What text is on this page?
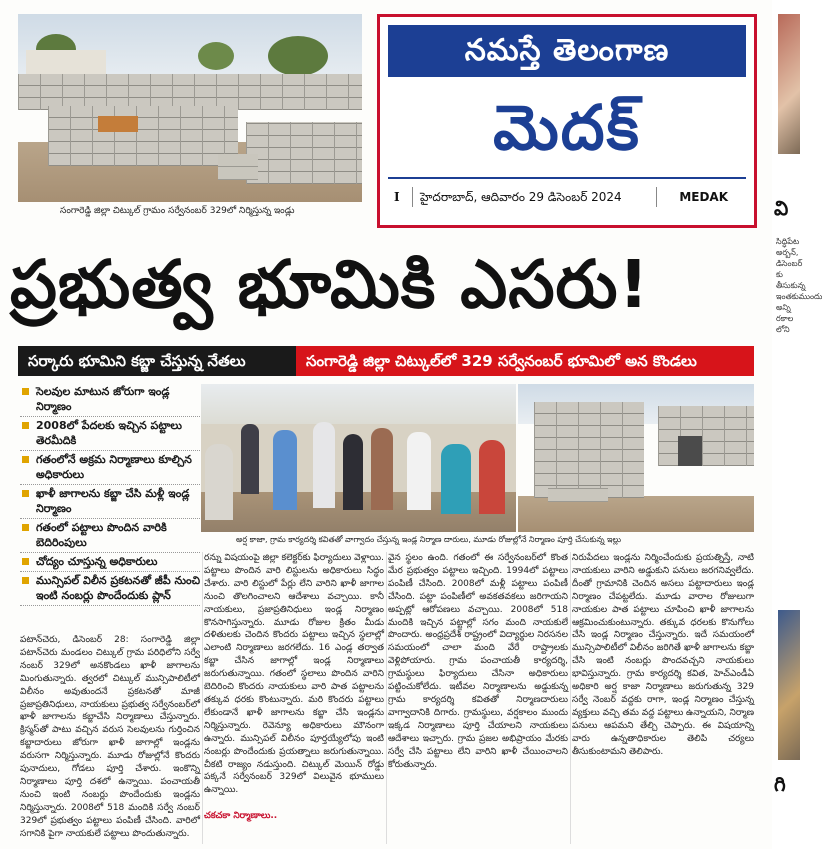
సంగారెడ్డి జిల్లా చిట్కుల్ గ్రామం సర్వేనంబర్ 329లో నిర్మిస్తున్న ఇండ్లు
నమస్తే తెలంగాణ
మెదక్
I హైదరాబాద్, ఆదివారం 29 డిసెంబర్ 2024	MEDAK
ప్రభుత్వ భూమికి ఎసరు!
సర్కారు భూమిని కబ్జా చేస్తున్న నేతలు	సంగారెడ్డి జిల్లా చిట్కుల్‌లో 329 సర్వేనంబర్ భూమిలో అన కొండలు
సెలవుల మాటున జోరుగా ఇండ్ల నిర్మాణం
2008లో పేదలకు ఇచ్చిన పట్టాలు తెరమీదికి
గతంలోనే అక్రమ నిర్మాణాలు కూల్చిన అధికారులు
ఖాళీ జాగాలను కబ్జా చేసి మళ్లీ ఇండ్ల నిర్మాణం
గతంలో పట్టాలు పొందిన వారికి బెదిరింపులు
చోద్యం చూస్తున్న అధికారులు
మున్సిపల్ విలీన ప్రకటనతో జీపీ నుంచి ఇంటి నంబర్లు పొందేందుకు ప్లాన్
అర్ష కాజా, గ్రామ కార్యదర్శి కవితతో వాగ్వాదం చేస్తున్న ఇండ్ల నిర్మాణ దారులు, మూడు రోజుల్లోనే నిర్మాణం పూర్తి చేసుకున్న ఇల్లు
పటాన్‌చెరు, డిసెంబర్ 28: సంగారెడ్డి జిల్లా పటాన్‌చెరు మండలం చిట్కుల్ గ్రామ పరిధిలోని సర్వే నంబర్ 329లో అనకొండలు ఖాళీ జాగాలను మింగుతున్నారు. త్వరలో చిట్కుల్ మున్సిపాలిటీలో విలీనం అవుతుందనే ప్రకటనతో మాజీ ప్రజాప్రతినిధులు, నాయకులు ప్రభుత్వ సర్వేనంబర్‌లో ఖాళీ జాగాలను కబ్జాచేసి నిర్మాణాలు చేస్తున్నారు. క్రిస్మస్‌తో పాటు వచ్చిన వరుస సెలవులను గుర్తించిన కబ్జాదారులు జోరుగా ఖాళీ జాగాల్లో ఇండ్లను వరుసగా నిర్మిస్తున్నారు. మూడు రోజుల్లోనే కొందరు పునాదులు, గోడలు పూర్తి చేశారు. ఇంకొన్ని నిర్మాణాలు పూర్తి దశలో ఉన్నాయి. పంచాయతీ నుంచి ఇంటి నంబర్లు పొందేందుకు ఇండ్లను నిర్మిస్తున్నారు. 2008లో 518 మందికి సర్వే నంబర్ 329లో ప్రభుత్వం పట్టాలు పంపిణీ చేసింది. వారిలో సగానికి పైగా నాయకులే పట్టాలు పొందుతున్నారు.
రన్ను విషయంపై జిల్లా కలెక్టర్‌కు ఫిర్యాదులు వెళ్లాయి. పట్టాలు పొందిన వారి లిస్టులను అధికారులు సిద్ధం చేశారు. వారి లిస్టులో పేర్లు లేని వారిని ఖాళీ జాగాల నుంచి తొలగించాలని ఆదేశాలు వచ్చాయి. కానీ నాయకులు, ప్రజాప్రతినిధులు ఇండ్ల నిర్మాణం కొనసాగిస్తున్నారు. మూడు రోజుల క్రితం మీడు దళితులకు చెందిన కొందరు పట్టాలు ఇచ్చిన స్థలాల్లో ఎలాంటి నిర్మాణాలు జరగలేదు. 16 ఎండ్ల తర్వాత కబ్జా చేసిన జాగాల్లో ఇండ్ల నిర్మాణాలు జరుగుతున్నాయి. గతంలో స్థలాలు పొందిన వారిని బెదిరించి కొందరు నాయకులు వారి పాత పట్టాలను తక్కువ ధరకు కొంటున్నారు. మరి కొందరు పట్టాలు లేకుండానే ఖాళీ జాగాలను కబ్జా చేసి ఇండ్లను నిర్మిస్తున్నారు. రెవెన్యూ అధికారులు మౌనంగా ఉన్నారు. మున్సిపల్ విలీనం పూర్తయ్యేలోపు ఇంటి నంబర్లు పొందేందుకు ప్రయత్నాలు జరుగుతున్నాయి. చీకటి రాజ్యం నడుస్తుంది. చిట్కుల్ మెయిన్ రోడ్డు పక్కనే సర్వేనంబర్ 329లో విలువైన భూములు ఉన్నాయి.
చకచకా నిర్మాణాలు..
వైన స్థలం ఉంది. గతంలో ఈ సర్వేనంబర్‌లో కొంత మేర ప్రభుత్వం పట్టాలు ఇచ్చింది. 1994లో పట్టాలు పంపిణీ చేసింది. 2008లో మళ్లీ పట్టాలు పంపిణీ చేసింది. పట్టా పంపిణీలో అవకతవకలు జరిగాయని అప్పట్లో ఆరోపణలు వచ్చాయి. 2008లో 518 మందికి ఇచ్చిన పట్టాల్లో సగం మంది నాయకులే పొందారు. అంధ్రప్రదేశ్ రాష్ట్రంలో విద్యార్థుల నిరసనల సమయంలో చాలా మంది వేరే రాష్ట్రాలకు వెళ్లిపోయారు. గ్రామ పంచాయతీ కార్యదర్శి, గ్రామస్థులు ఫిర్యాదులు చేసినా అధికారులు పట్టించుకోలేదు. ఇటీవల నిర్మాణాలను అడ్డుకున్న గ్రామ కార్యదర్శి కవితతో నిర్మాణదారులు వాగ్వాదానికి దిగారు. గ్రామస్థులు, వర్షకాలం ముందు ఇక్కడ నిర్మాణాలు పూర్తి చేయాలని నాయకులు ఆదేశాలు ఇచ్చారు. గ్రామ ప్రజల అభిప్రాయం మేరకు సర్వే చేసి పట్టాలు లేని వారిని ఖాళీ చేయించాలని కోరుతున్నారు.
నిరుపేదలు ఇండ్లను నిర్మించేందుకు ప్రయత్నిస్తే, నాటి నాయకులు వారిని అడ్డుకుని పనులు జరగనివ్వలేదు. దీంతో గ్రామానికి చెందిన అసలు పట్టాదారులు ఇండ్ల నిర్మాణం చేపట్టలేదు. మూడు వారాల రోజులుగా నాయకుల పాత పట్టాలు చూపించి ఖాళీ జాగాలను ఆక్రమించుకుంటున్నారు. తక్కువ ధరలకు కొనుగోలు చేసి ఇండ్ల నిర్మాణం చేస్తున్నారు. ఇదే సమయంలో మున్సిపాలిటీలో విలీనం జరిగితే ఖాళీ జాగాలను కబ్జా చేసి ఇంటి నంబర్లు పొందవచ్చని నాయకులు భావిస్తున్నారు. గ్రామ కార్యదర్శి కవిత, హెచ్‌ఎండీఏ అధికారి అర్ష కాజా నిర్మాణాలు జరుగుతున్న 329 సర్వే నెంబర్ వద్దకు రాగా, ఇండ్ల నిర్మాణం చేస్తున్న వ్యక్తులు వచ్చి తమ వద్ద పట్టాలు ఉన్నాయని, నిర్మాణ పనులు ఆపమని తేల్చి చెప్పారు. ఈ విషయాన్ని వారు ఉన్నతాధికారుల తెలిపి చర్యలు తీసుకుంటామని తెలిపారు.
వి
సిద్ధిపేట అర్బన్, డిసెంబర్ కు తీసుకున్న ఇంతకుముందు అన్ని రకాల లోని
గి
